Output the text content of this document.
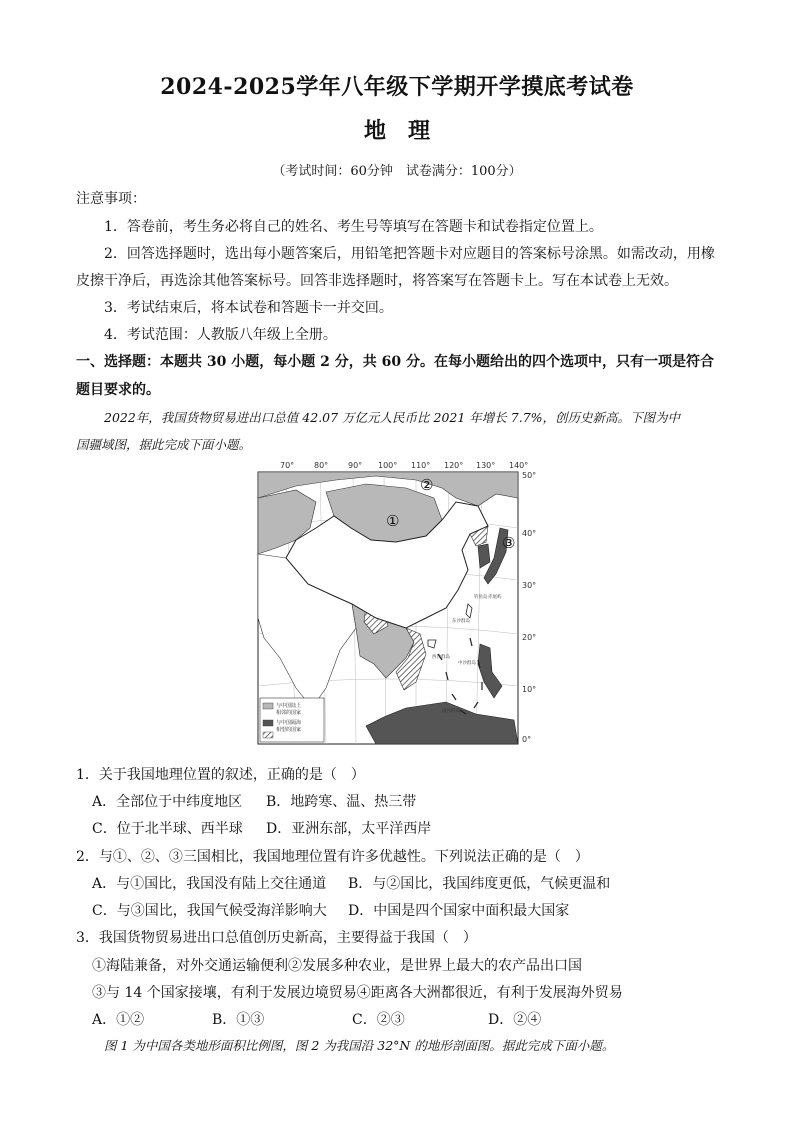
2024-2025学年八年级下学期开学摸底考试卷
地理
（考试时间：60分钟　试卷满分：100分）
注意事项：
1．答卷前，考生务必将自己的姓名、考生号等填写在答题卡和试卷指定位置上。
2．回答选择题时，选出每小题答案后，用铅笔把答题卡对应题目的答案标号涂黑。如需改动，用橡
皮擦干净后，再选涂其他答案标号。回答非选择题时，将答案写在答题卡上。写在本试卷上无效。
3．考试结束后，将本试卷和答题卡一并交回。
4．考试范围：人教版八年级上全册。
一、选择题：本题共 30 小题，每小题 2 分，共 60 分。在每小题给出的四个选项中，只有一项是符合
题目要求的。
2022年，我国货物贸易进出口总值 42.07 万亿元人民币比 2021 年增长 7.7%，创历史新高。下图为中
国疆域图，据此完成下面小题。
70° 80° 90° 100° 110° 120° 130° 140°
50°
40°
30°
20°
10°
0°
钓鱼岛 赤尾屿
东沙群岛
西沙群岛
中沙群岛
南沙群岛
①
②
③
与中国陆上
相邻的国家
与中国隔海
相望的国家
1．关于我国地理位置的叙述，正确的是（　）
A．全部位于中纬度地区 B．地跨寒、温、热三带
C．位于北半球、西半球 D．亚洲东部，太平洋西岸
2．与①、②、③三国相比，我国地理位置有许多优越性。下列说法正确的是（　）
A．与①国比，我国没有陆上交往通道 B．与②国比，我国纬度更低，气候更温和
C．与③国比，我国气候受海洋影响大 D．中国是四个国家中面积最大国家
3．我国货物贸易进出口总值创历史新高，主要得益于我国（　）
①海陆兼备，对外交通运输便利②发展多种农业，是世界上最大的农产品出口国
③与 14 个国家接壤，有利于发展边境贸易④距离各大洲都很近，有利于发展海外贸易
A．①②	B．①③	C．②③	D．②④
图 1 为中国各类地形面积比例图，图 2 为我国沿 32°N 的地形剖面图。据此完成下面小题。
